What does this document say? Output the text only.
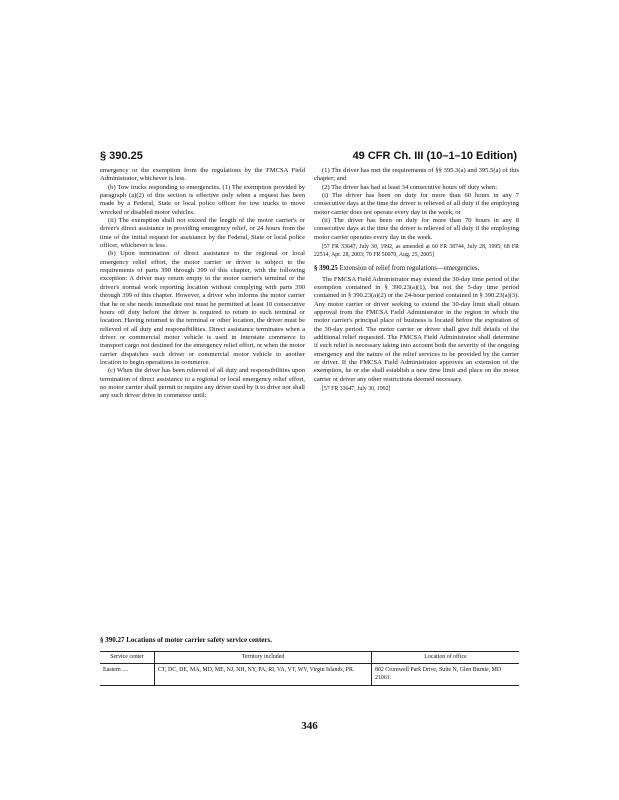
§ 390.25	49 CFR Ch. III (10–1–10 Edition)

emergency or the exemption from the regulations by the FMCSA Field Administrator, whichever is less.

(b) Tow trucks responding to emergencies. (1) The exemption provided by paragraph (a)(2) of this section is effective only when a request has been made by a Federal, State or local police officer for tow trucks to move wrecked or disabled motor vehicles.

(ii) The exemption shall not exceed the length of the motor carrier's or driver's direct assistance in providing emergency relief, or 24 hours from the time of the initial request for assistance by the Federal, State or local police officer, whichever is less.

(b) Upon termination of direct assistance to the regional or local emergency relief effort, the motor carrier or driver is subject to the requirements of parts 390 through 399 of this chapter, with the following exception: A driver may return empty to the motor carrier's terminal or the driver's normal work reporting location without complying with parts 390 through 399 of this chapter. However, a driver who informs the motor carrier that he or she needs immediate rest must be permitted at least 10 consecutive hours off duty before the driver is required to return to such terminal or location. Having returned to the terminal or other location, the driver must be relieved of all duty and responsibilities. Direct assistance terminates when a driver or commercial motor vehicle is used in interstate commerce to transport cargo not destined for the emergency relief effort, or when the motor carrier dispatches such driver or commercial motor vehicle to another location to begin operations in commerce.

(c) When the driver has been relieved of all duty and responsibilities upon termination of direct assistance to a regional or local emergency relief effort, no motor carrier shall permit or require any driver used by it to drive nor shall any such driver drive in commerce until:

(1) The driver has met the requirements of §§ 395.3(a) and 395.5(a) of this chapter; and

(2) The driver has had at least 34 consecutive hours off duty when:

(i) The driver has been on duty for more than 60 hours in any 7 consecutive days at the time the driver is relieved of all duty if the employing motor carrier does not operate every day in the week, or

(ii) The driver has been on duty for more than 70 hours in any 8 consecutive days at the time the driver is relieved of all duty if the employing motor carrier operates every day in the week.

[57 FR 33647, July 30, 1992, as amended at 60 FR 38744, July 28, 1995; 68 FR 22514, Apr. 28, 2003; 70 FR 50070, Aug. 25, 2005]

§ 390.25 Extension of relief from regulations—emergencies.

The FMCSA Field Administrator may extend the 30-day time period of the exemption contained in § 390.23(a)(1), but not the 5-day time period contained in § 390.23(a)(2) or the 24-hour period contained in § 390.23(a)(3). Any motor carrier or driver seeking to extend the 30-day limit shall obtain approval from the FMCSA Field Administrator in the region in which the motor carrier's principal place of business is located before the expiration of the 30-day period. The motor carrier or driver shall give full details of the additional relief requested. The FMCSA Field Administrator shall determine if such relief is necessary taking into account both the severity of the ongoing emergency and the nature of the relief services to be provided by the carrier or driver. If the FMCSA Field Administrator approves an extension of the exemption, he or she shall establish a new time limit and place on the motor carrier or driver any other restrictions deemed necessary.

[57 FR 33647, July 30, 1992]

§ 390.27 Locations of motor carrier safety service centers.
Service center	Territory included	Location of office
Eastern ....	CT, DC, DE, MA, MD, ME, NJ, NH, NY, PA, RI, VA, VT, WV, Virgin Islands, PR.	802 Cromwell Park Drive, Suite N, Glen Burnie, MD 21061.
346
